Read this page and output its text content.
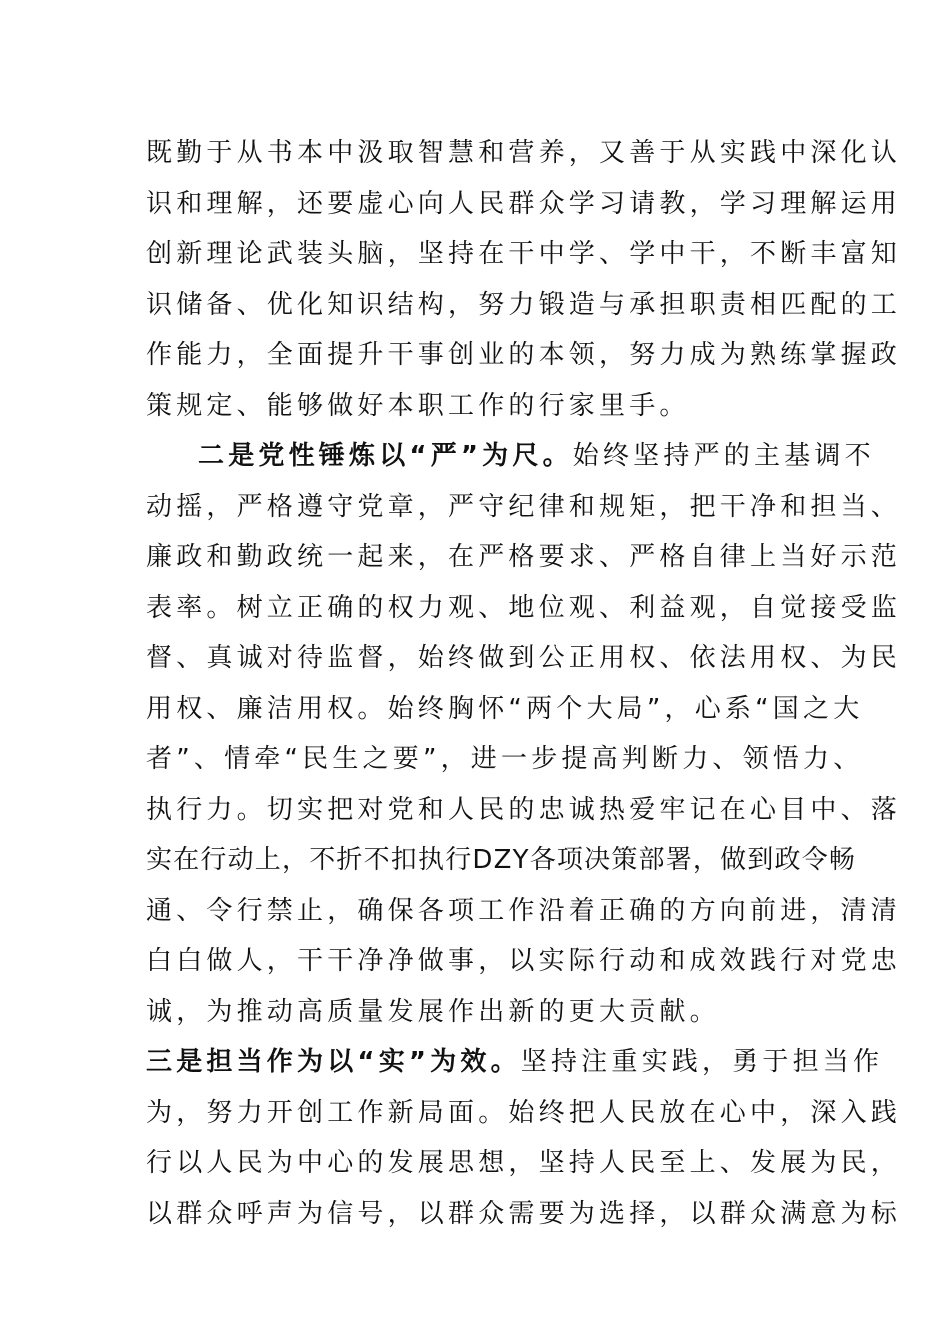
既勤于从书本中汲取智慧和营养，又善于从实践中深化认
识和理解，还要虚心向人民群众学习请教，学习理解运用
创新理论武装头脑，坚持在干中学、学中干，不断丰富知
识储备、优化知识结构，努力锻造与承担职责相匹配的工
作能力，全面提升干事创业的本领，努力成为熟练掌握政
策规定、能够做好本职工作的行家里手。
二是党性锤炼以“严”为尺。始终坚持严的主基调不
动摇，严格遵守党章，严守纪律和规矩，把干净和担当、
廉政和勤政统一起来，在严格要求、严格自律上当好示范
表率。树立正确的权力观、地位观、利益观，自觉接受监
督、真诚对待监督，始终做到公正用权、依法用权、为民
用权、廉洁用权。始终胸怀“两个大局”，心系“国之大
者”、情牵“民生之要”，进一步提高判断力、领悟力、
执行力。切实把对党和人民的忠诚热爱牢记在心目中、落
实在行动上，不折不扣执行DZY各项决策部署，做到政令畅
通、令行禁止，确保各项工作沿着正确的方向前进，清清
白白做人，干干净净做事，以实际行动和成效践行对党忠
诚，为推动高质量发展作出新的更大贡献。
三是担当作为以“实”为效。坚持注重实践，勇于担当作
为，努力开创工作新局面。始终把人民放在心中，深入践
行以人民为中心的发展思想，坚持人民至上、发展为民，
以群众呼声为信号，以群众需要为选择，以群众满意为标
